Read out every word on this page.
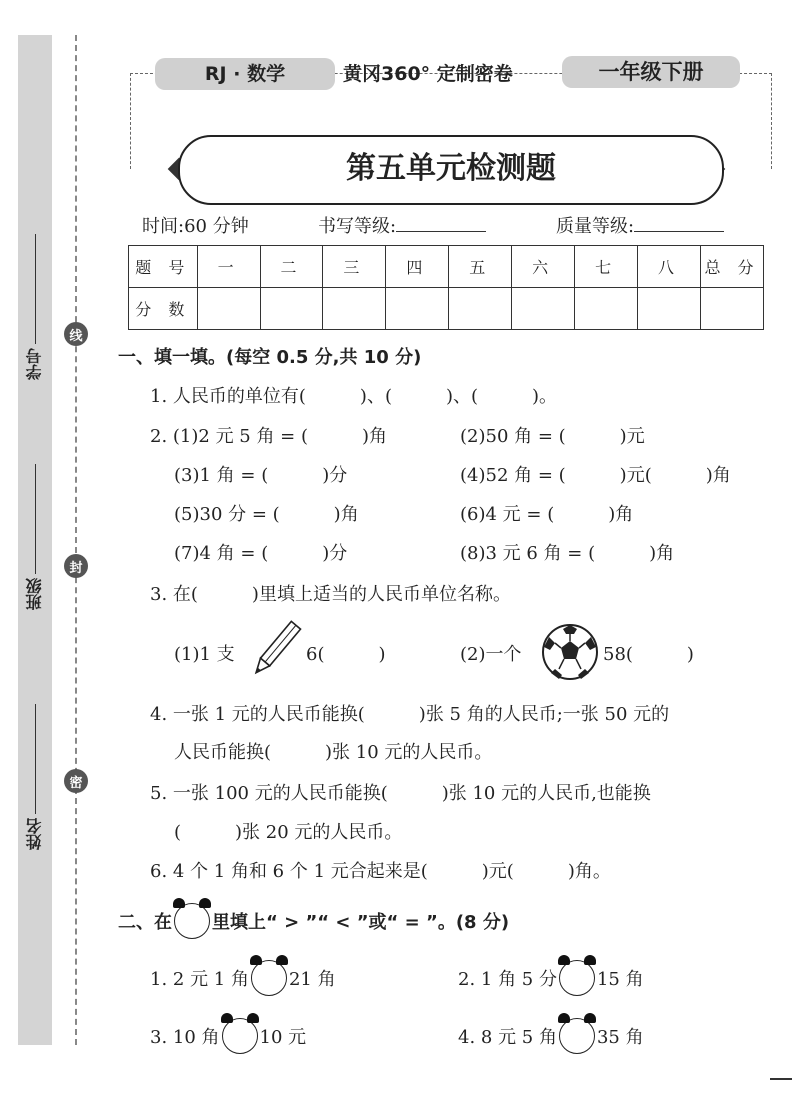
学号
班级
姓名
线
封
密
RJ · 数学	黄冈360° 定制密卷	一年级下册
第五单元检测题
时间:60 分钟	书写等级:	质量等级:
题 号	一	二	三	四	五	六	七	八	总 分
分 数									
一、填一填。(每空 0.5 分,共 10 分)
1. 人民币的单位有(　　　)、(　　　)、(　　　)。
2. (1)2 元 5 角 = (　　　)角	(2)50 角 = (　　　)元
(3)1 角 = (　　　)分	(4)52 角 = (　　　)元(　　　)角
(5)30 分 = (　　　)角	(6)4 元 = (　　　)角
(7)4 角 = (　　　)分	(8)3 元 6 角 = (　　　)角
3. 在(　　　)里填上适当的人民币单位名称。
(1)1 支	6(　　　)	(2)一个	58(　　　)
4. 一张 1 元的人民币能换(　　　)张 5 角的人民币;一张 50 元的
人民币能换(　　　)张 10 元的人民币。
5. 一张 100 元的人民币能换(　　　)张 10 元的人民币,也能换
(　　　)张 20 元的人民币。
6. 4 个 1 角和 6 个 1 元合起来是(　　　)元(　　　)角。
二、在 里填上“ > ”“ < ”或“ = ”。(8 分)
1. 2 元 1 角 21 角	2. 1 角 5 分 15 角
3. 10 角 10 元	4. 8 元 5 角 35 角
